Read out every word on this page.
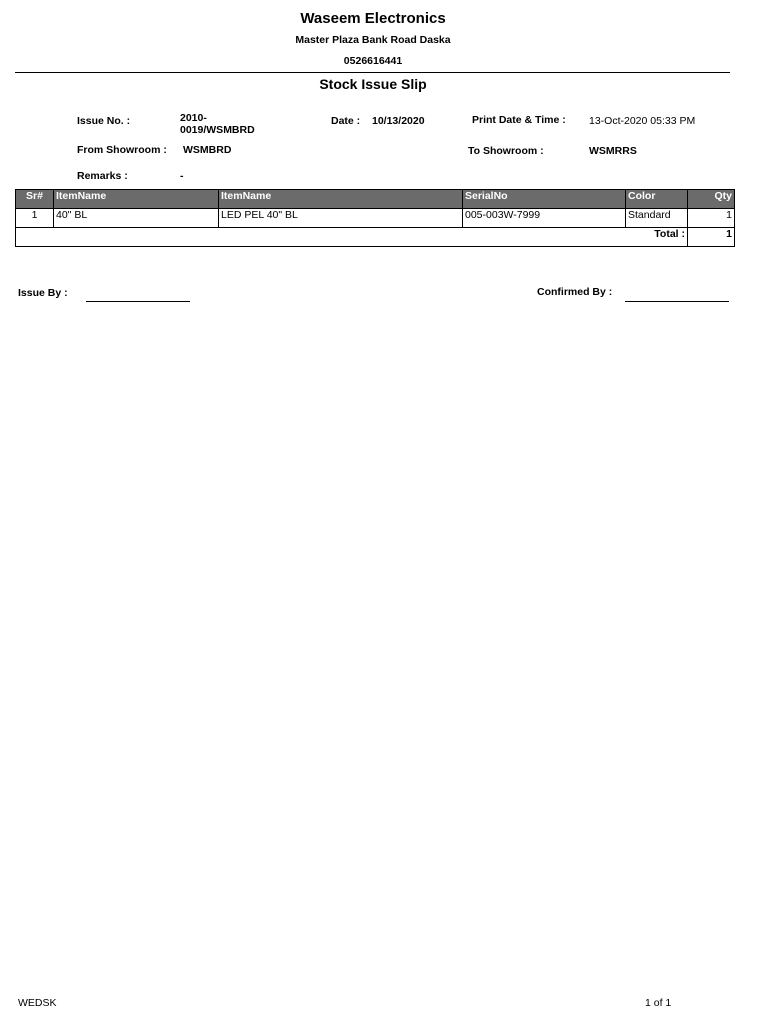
Waseem Electronics
Master Plaza Bank Road Daska
0526616441
Stock Issue Slip
Issue No. :	2010-
0019/WSMBRD
Date : 10/13/2020	Print Date & Time : 13-Oct-2020 05:33 PM
From Showroom : WSMBRD	To Showroom :	WSMRRS
Remarks :	-
Sr#	ItemName	ItemName	SerialNo	Color	Qty
1	40" BL	LED PEL 40" BL	005-003W-7999	Standard	1
Total :					1
Issue By :	Confirmed By :
WEDSK	1 of 1
